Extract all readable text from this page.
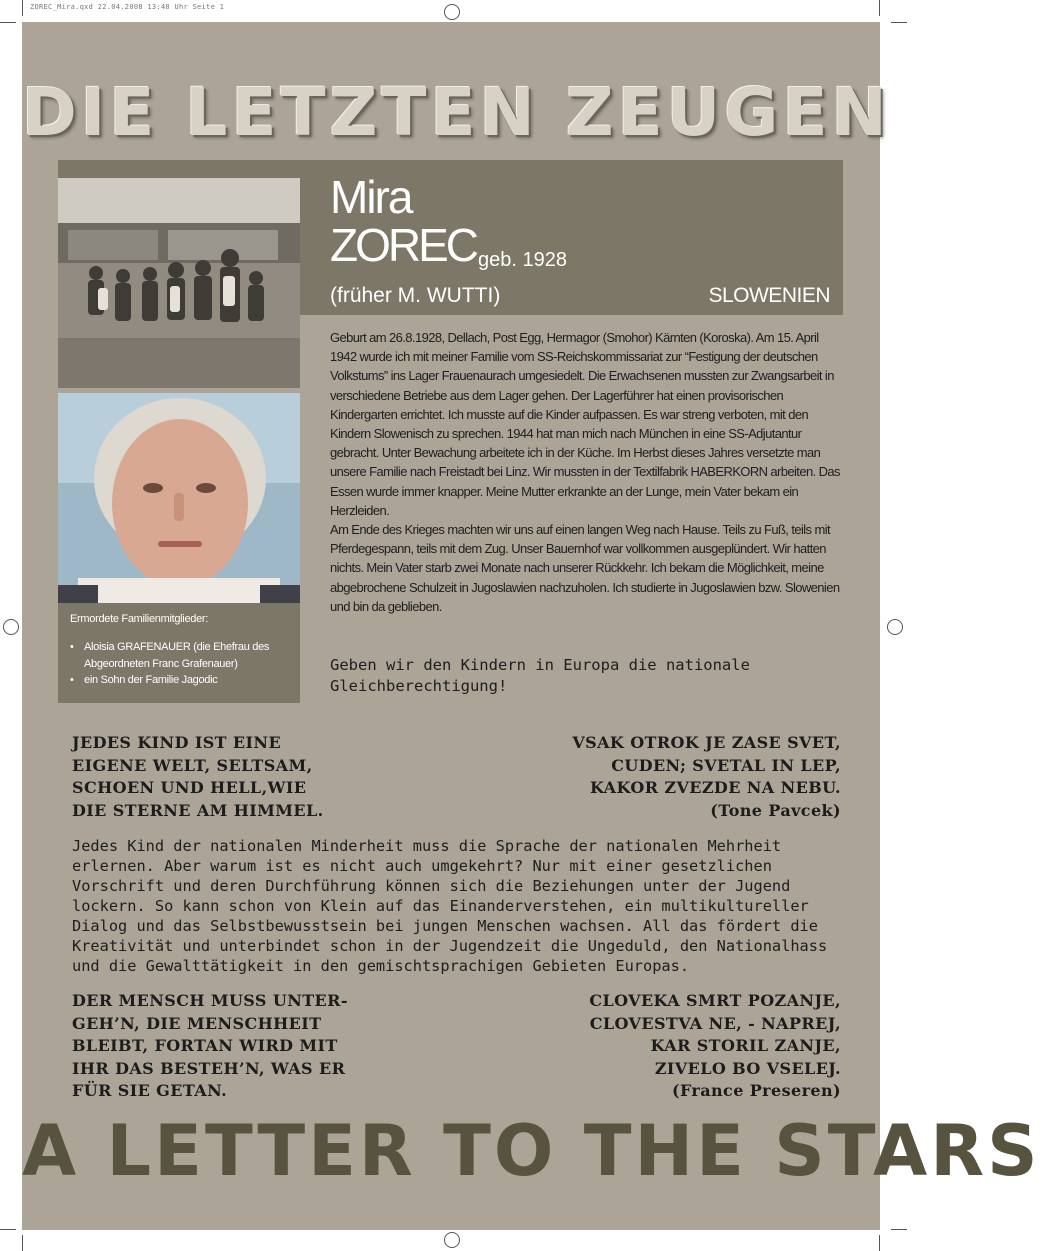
ZOREC_Mira.qxd 22.04.2008 13:40 Uhr Seite 1
DIE LETZTEN ZEUGEN
Mira
ZOREC geb. 1928
(früher M. WUTTI)	SLOWENIEN
Ermordete Familienmitglieder:
• Aloisia GRAFENAUER (die Ehefrau des Abgeordneten Franc Grafenauer)
• ein Sohn der Familie Jagodic

Geburt am 26.8.1928, Dellach, Post Egg, Hermagor (Smohor) Kärnten (Koroska). Am 15. April 1942 wurde ich mit meiner Familie vom SS-Reichskommissariat zur “Festigung der deutschen Volkstums” ins Lager Frauenaurach umgesiedelt. Die Erwachsenen mussten zur Zwangsarbeit in verschiedene Betriebe aus dem Lager gehen. Der Lagerführer hat einen provisorischen Kindergarten errichtet. Ich musste auf die Kinder aufpassen. Es war streng verboten, mit den Kindern Slowenisch zu sprechen. 1944 hat man mich nach München in eine SS-Adjutantur gebracht. Unter Bewachung arbeitete ich in der Küche. Im Herbst dieses Jahres versetzte man unsere Familie nach Freistadt bei Linz. Wir mussten in der Textilfabrik HABERKORN arbeiten. Das Essen wurde immer knapper. Meine Mutter erkrankte an der Lunge, mein Vater bekam ein Herzleiden.

Am Ende des Krieges machten wir uns auf einen langen Weg nach Hause. Teils zu Fuß, teils mit Pferdegespann, teils mit dem Zug. Unser Bauernhof war vollkommen ausgeplündert. Wir hatten nichts. Mein Vater starb zwei Monate nach unserer Rückkehr. Ich bekam die Möglichkeit, meine abgebrochene Schulzeit in Jugoslawien nachzuholen. Ich studierte in Jugoslawien bzw. Slowenien und bin da geblieben.

Geben wir den Kindern in Europa die nationale Gleichberechtigung!
JEDES KIND IST EINE
EIGENE WELT, SELTSAM,
SCHOEN UND HELL,WIE
DIE STERNE AM HIMMEL.
VSAK OTROK JE ZASE SVET,
CUDEN; SVETAL IN LEP,
KAKOR ZVEZDE NA NEBU.
(Tone Pavcek)

Jedes Kind der nationalen Minderheit muss die Sprache der nationalen Mehrheit erlernen. Aber warum ist es nicht auch umgekehrt? Nur mit einer gesetzlichen Vorschrift und deren Durchführung können sich die Beziehungen unter der Jugend lockern. So kann schon von Klein auf das Einanderverstehen, ein multikultureller Dialog und das Selbstbewusstsein bei jungen Menschen wachsen. All das fördert die Kreativität und unterbindet schon in der Jugendzeit die Ungeduld, den Nationalhass und die Gewalttätigkeit in den gemischtsprachigen Gebieten Europas.

DER MENSCH MUSS UNTER-
GEH’N, DIE MENSCHHEIT
BLEIBT, FORTAN WIRD MIT
IHR DAS BESTEH’N, WAS ER
FÜR SIE GETAN.
CLOVEKA SMRT POZANJE,
CLOVESTVA NE, - NAPREJ,
KAR STORIL ZANJE,
ZIVELO BO VSELEJ.
(France Preseren)
A LETTER TO THE STARS
